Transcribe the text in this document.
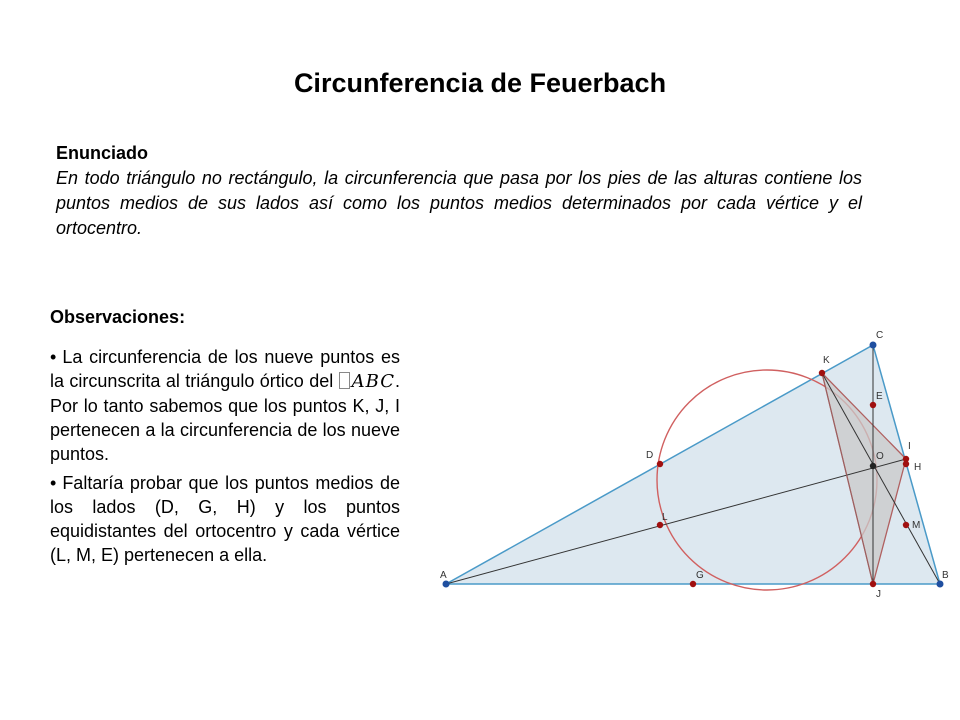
Circunferencia de Feuerbach

Enunciado

En todo triángulo no rectángulo, la circunferencia que pasa por los pies de las alturas contiene los puntos medios de sus lados así como los puntos medios determinados por cada vértice y el ortocentro.

Observaciones:

• La circunferencia de los nueve puntos es la circunscrita al triángulo órtico del ABC. Por lo tanto sabemos que los puntos K, J, I pertenecen a la circunferencia de los nueve puntos.
• Faltaría probar que los puntos medios de los lados (D, G, H) y los puntos equidistantes del ortocentro y cada vértice (L, M, E) pertenecen a ella.
A	B
C
K
E
D
I
O
H
L
M
G
J
